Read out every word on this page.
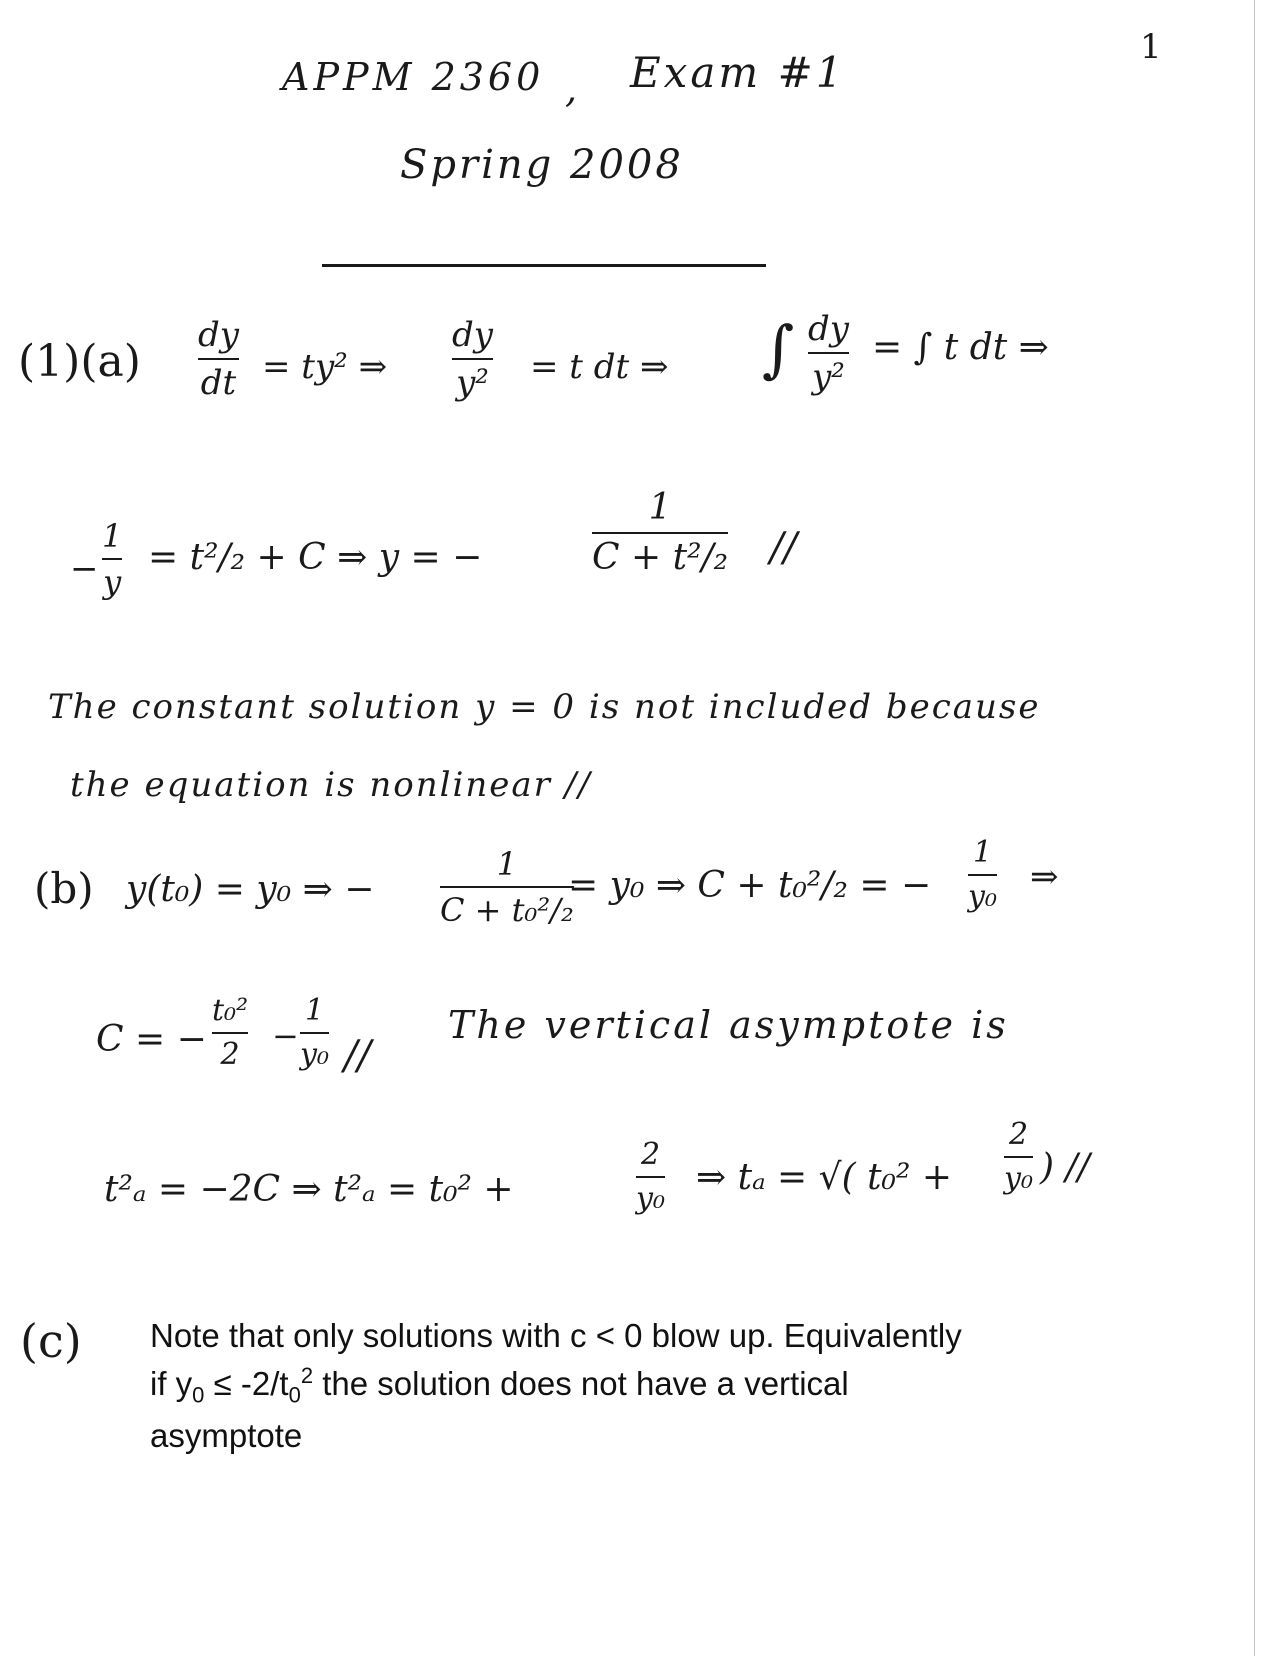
1
APPM 2360 , Exam #1
Spring 2008
(1)(a)
dy
dt = ty² ⇒
dy
y² = t dt ⇒ ∫ dy
y²
= ∫ t dt ⇒
−
1
y
= t²/₂ + C ⇒ y = −
1
C + t²/₂ //
The constant solution y = 0 is not included because
the equation is nonlinear //
(b) y(t₀) = y₀ ⇒ −
1
C + t₀²/₂
= y₀ ⇒ C + t₀²/₂ = −
1
y₀ ⇒
C = −
t₀²
2 −
1
y₀ //
The vertical asymptote is
t²ₐ = −2C ⇒ t²ₐ = t₀² +
2
y₀
⇒ tₐ = √( t₀² +
2
y₀ ) //
(c) Note that only solutions with c < 0 blow up. Equivalently
if $y_0 \le -2/t_0^2$ the solution does not have a vertical
asymptote
